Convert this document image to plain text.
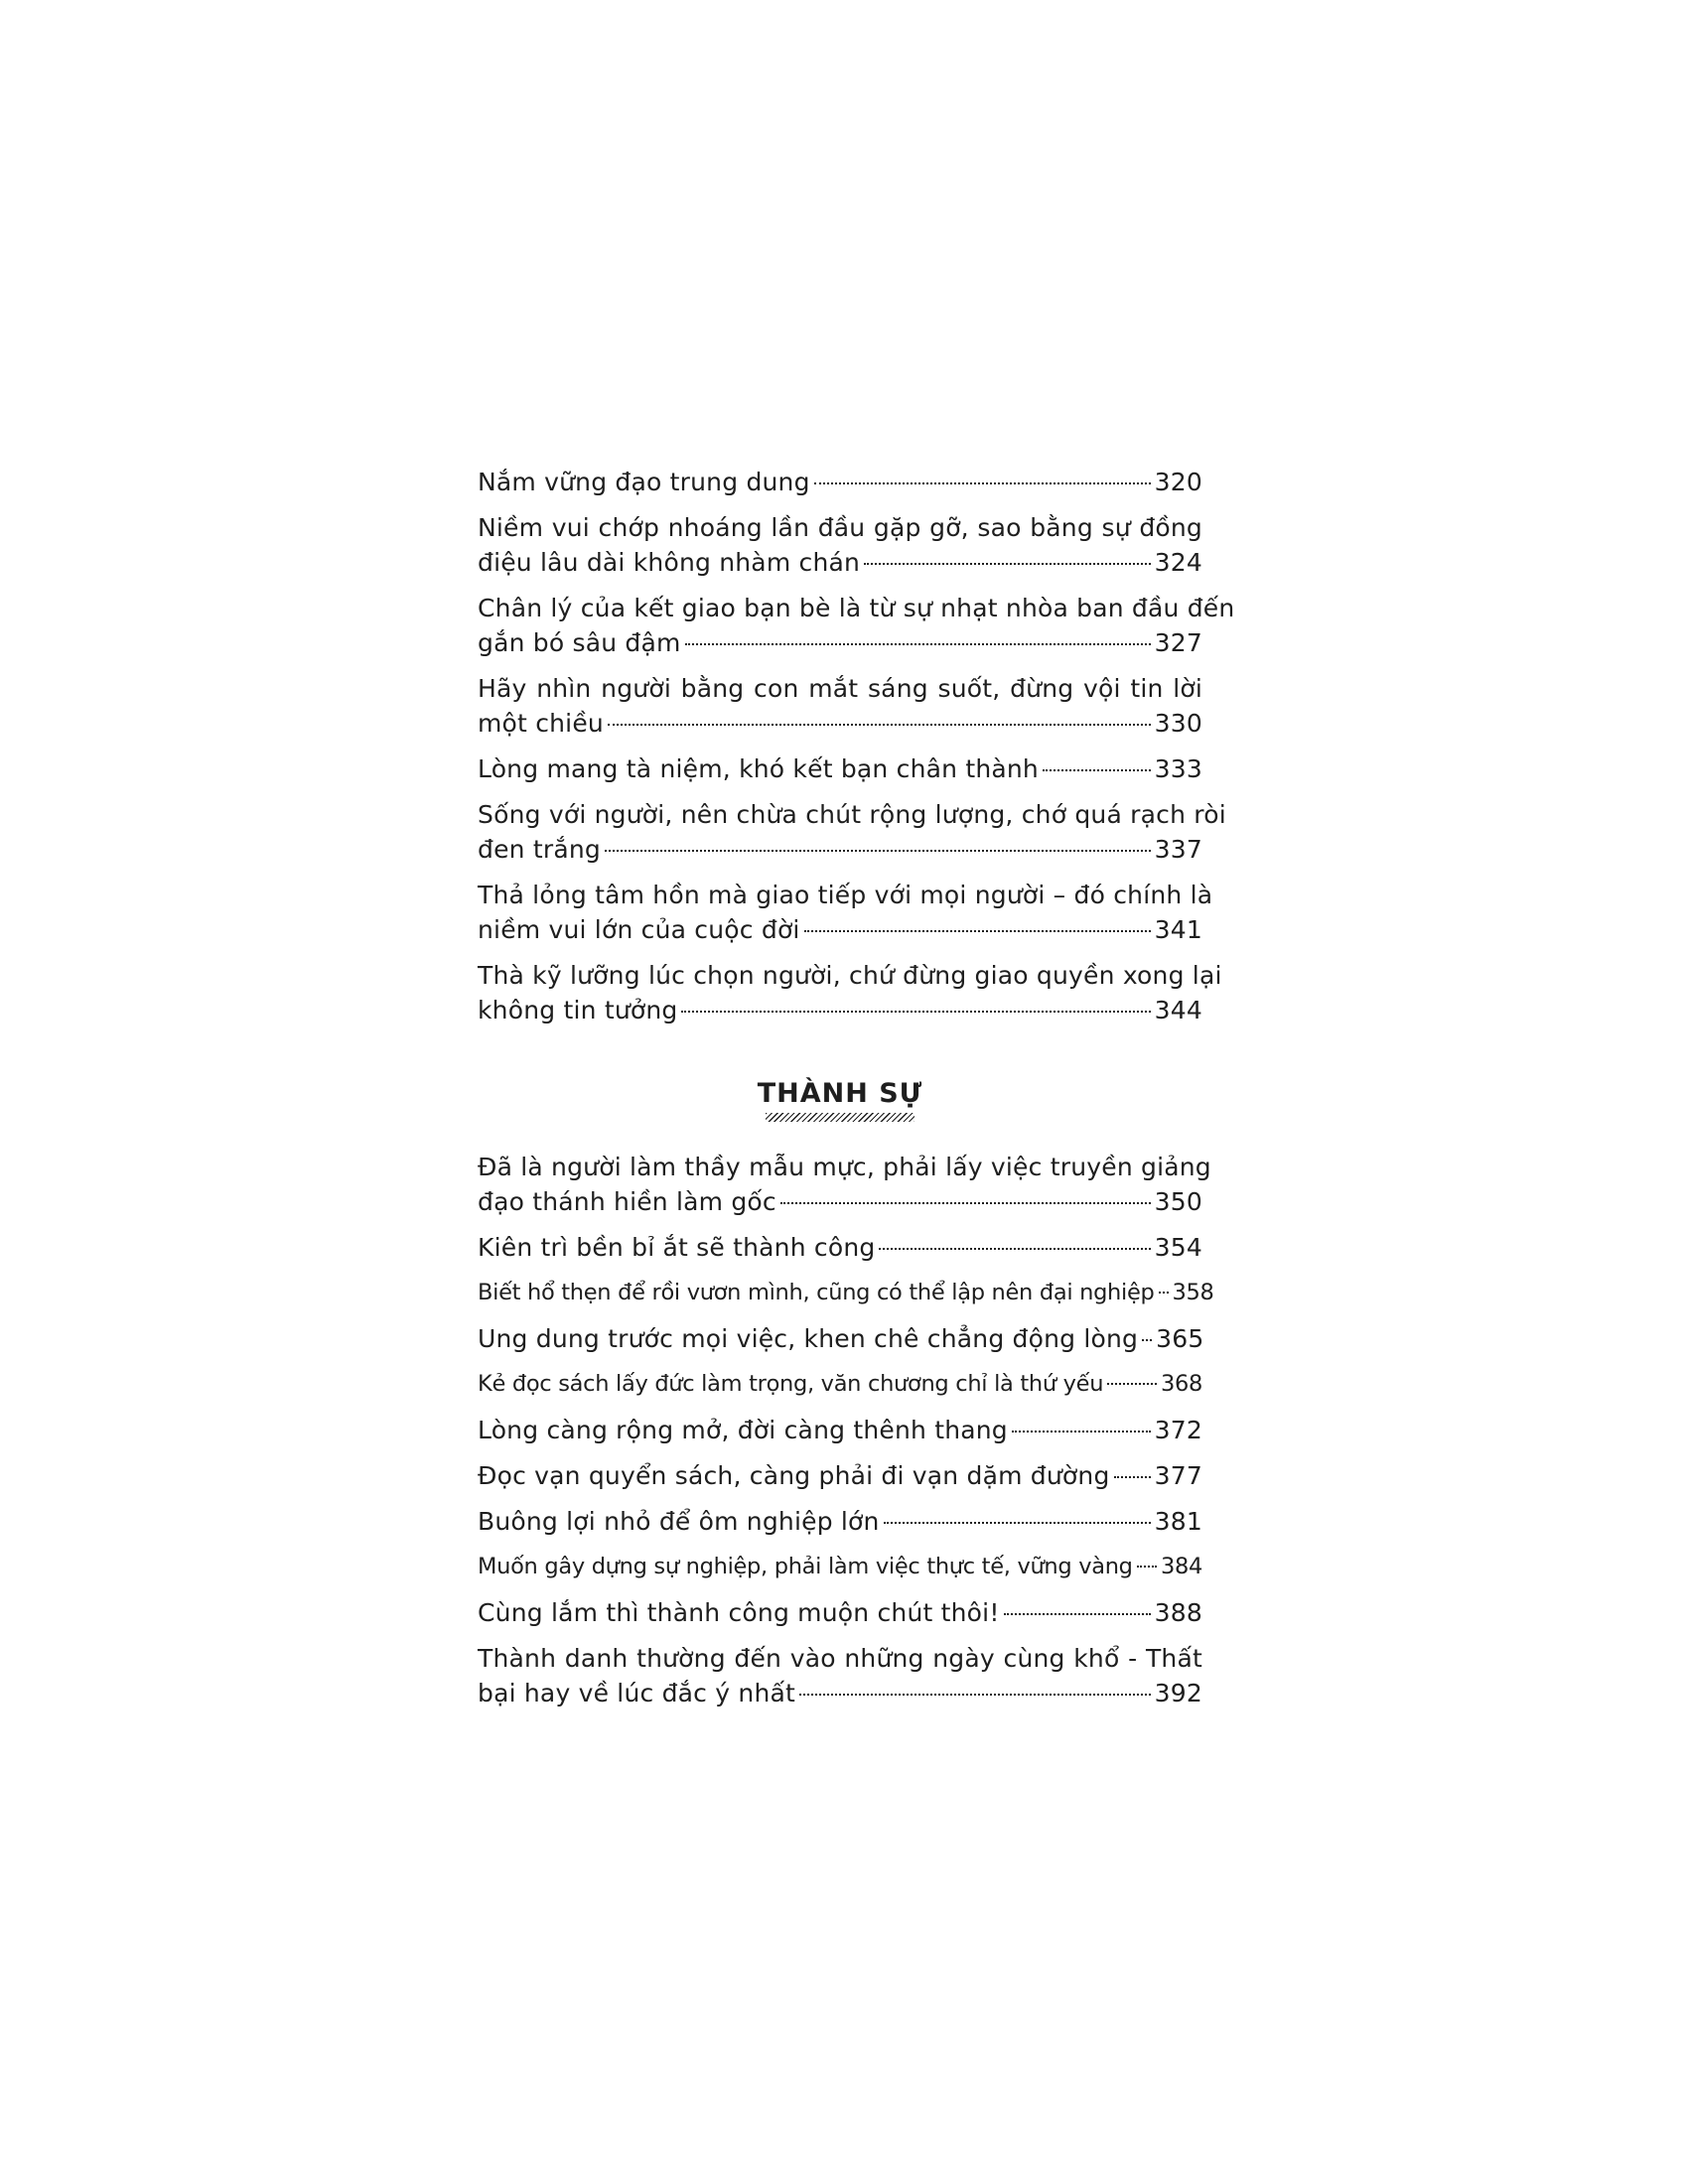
Nắm vững đạo trung dung	320
Niềm vui chớp nhoáng lần đầu gặp gỡ, sao bằng sự đồng
điệu lâu dài không nhàm chán	324
Chân lý của kết giao bạn bè là từ sự nhạt nhòa ban đầu đến
gắn bó sâu đậm	327
Hãy nhìn người bằng con mắt sáng suốt, đừng vội tin lời
một chiều	330
Lòng mang tà niệm, khó kết bạn chân thành	333
Sống với người, nên chừa chút rộng lượng, chớ quá rạch ròi
đen trắng	337
Thả lỏng tâm hồn mà giao tiếp với mọi người – đó chính là
niềm vui lớn của cuộc đời	341
Thà kỹ lưỡng lúc chọn người, chứ đừng giao quyền xong lại
không tin tưởng	344
THÀNH SỰ
Đã là người làm thầy mẫu mực, phải lấy việc truyền giảng
đạo thánh hiền làm gốc	350
Kiên trì bền bỉ ắt sẽ thành công	354
Biết hổ thẹn để rồi vươn mình, cũng có thể lập nên đại nghiệp 358
Ung dung trước mọi việc, khen chê chẳng động lòng 365
Kẻ đọc sách lấy đức làm trọng, văn chương chỉ là thứ yếu	368
Lòng càng rộng mở, đời càng thênh thang	372
Đọc vạn quyển sách, càng phải đi vạn dặm đường 377
Buông lợi nhỏ để ôm nghiệp lớn	381
Muốn gây dựng sự nghiệp, phải làm việc thực tế, vững vàng 384
Cùng lắm thì thành công muộn chút thôi!	388
Thành danh thường đến vào những ngày cùng khổ - Thất
bại hay về lúc đắc ý nhất	392
